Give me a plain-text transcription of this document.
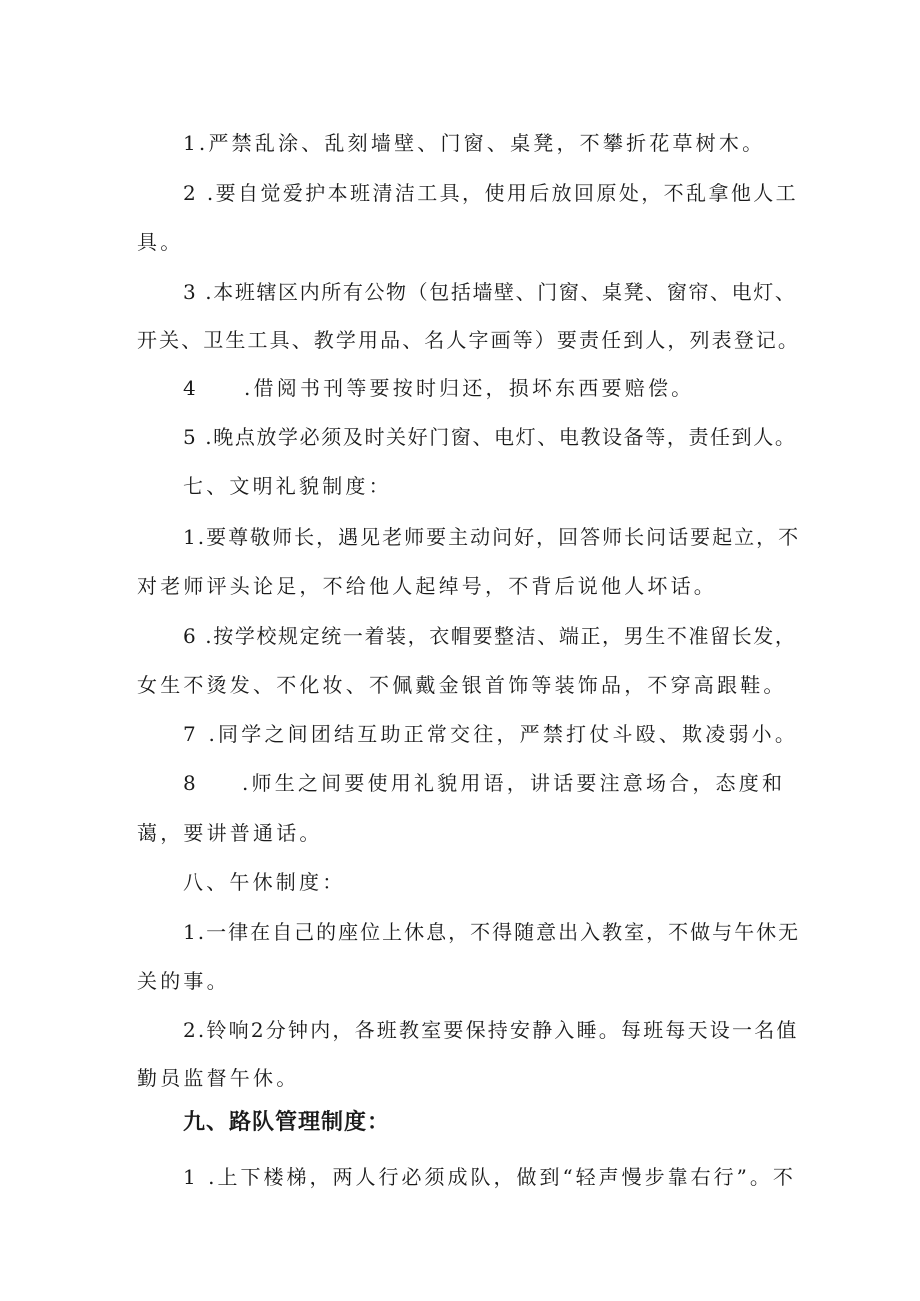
1.严禁乱涂、乱刻墙壁、门窗、桌凳，不攀折花草树木。

2 .要自觉爱护本班清洁工具，使用后放回原处，不乱拿他人工

具。

3 .本班辖区内所有公物（包括墙壁、门窗、桌凳、窗帘、电灯、

开关、卫生工具、教学用品、名人字画等）要责任到人，列表登记。

4 .借阅书刊等要按时归还，损坏东西要赔偿。

5 .晚点放学必须及时关好门窗、电灯、电教设备等，责任到人。

七、文明礼貌制度：

1.要尊敬师长，遇见老师要主动问好，回答师长问话要起立，不

对老师评头论足，不给他人起绰号，不背后说他人坏话。

6 .按学校规定统一着装，衣帽要整洁、端正，男生不准留长发，

女生不烫发、不化妆、不佩戴金银首饰等装饰品，不穿高跟鞋。

7 .同学之间团结互助正常交往，严禁打仗斗殴、欺凌弱小。

8 .师生之间要使用礼貌用语，讲话要注意场合，态度和

蔼，要讲普通话。

八、午休制度：

1.一律在自己的座位上休息，不得随意出入教室，不做与午休无

关的事。

2.铃响2分钟内，各班教室要保持安静入睡。每班每天设一名值

勤员监督午休。

九、路队管理制度：

1 .上下楼梯，两人行必须成队，做到“轻声慢步靠右行”。不
